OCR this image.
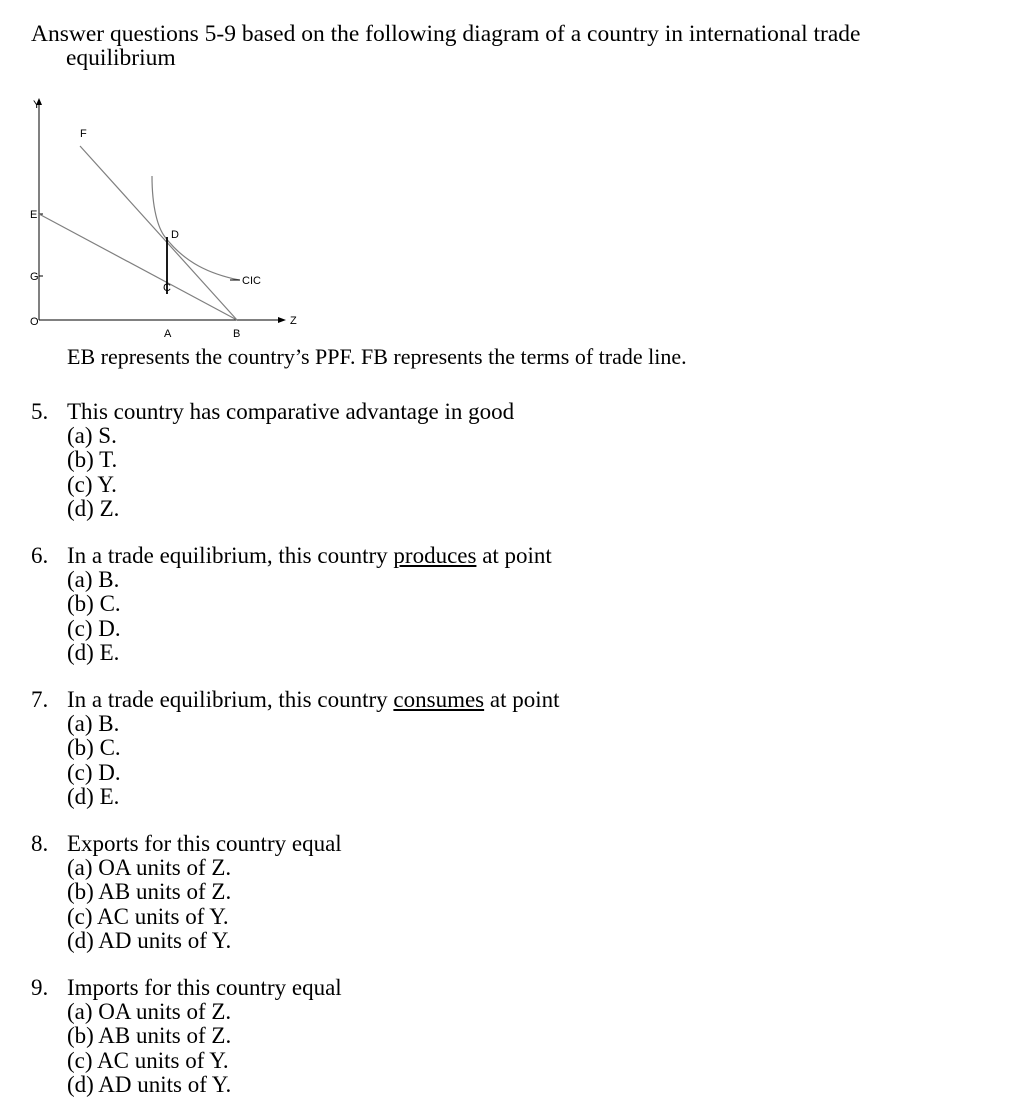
Answer questions 5-9 based on the following diagram of a country in international trade
equilibrium
Y
F
E
D
G
C
CIC
O	Z
A	B
EB represents the country’s PPF. FB represents the terms of trade line.
5. This country has comparative advantage in good
(a) S.
(b) T.
(c) Y.
(d) Z.
6. In a trade equilibrium, this country produces at point
(a) B.
(b) C.
(c) D.
(d) E.
7. In a trade equilibrium, this country consumes at point
(a) B.
(b) C.
(c) D.
(d) E.
8. Exports for this country equal
(a) OA units of Z.
(b) AB units of Z.
(c) AC units of Y.
(d) AD units of Y.
9. Imports for this country equal
(a) OA units of Z.
(b) AB units of Z.
(c) AC units of Y.
(d) AD units of Y.
